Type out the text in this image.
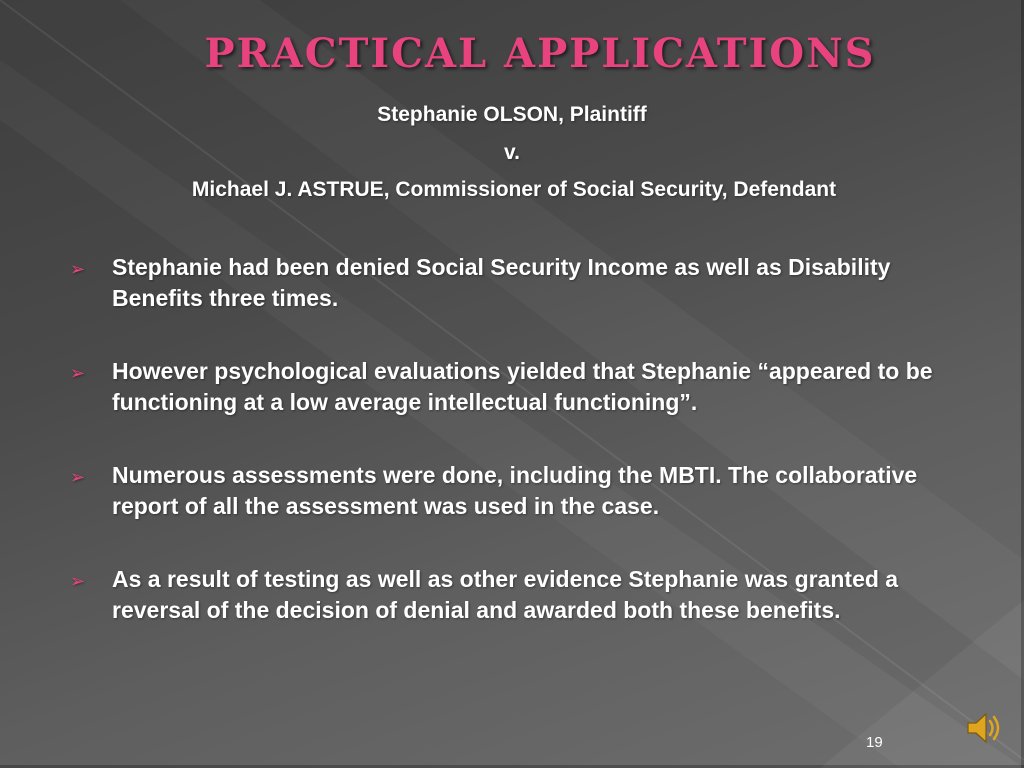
PRACTICAL APPLICATIONS
Stephanie OLSON, Plaintiff
v.
Michael J. ASTRUE, Commissioner of Social Security, Defendant
➢ Stephanie had been denied Social Security Income as well as Disability Benefits three times.
➢ However psychological evaluations yielded that Stephanie “appeared to be functioning at a low average intellectual functioning”.
➢ Numerous assessments were done, including the MBTI. The collaborative report of all the assessment was used in the case.
➢ As a result of testing as well as other evidence Stephanie was granted a reversal of the decision of denial and awarded both these benefits.
19
